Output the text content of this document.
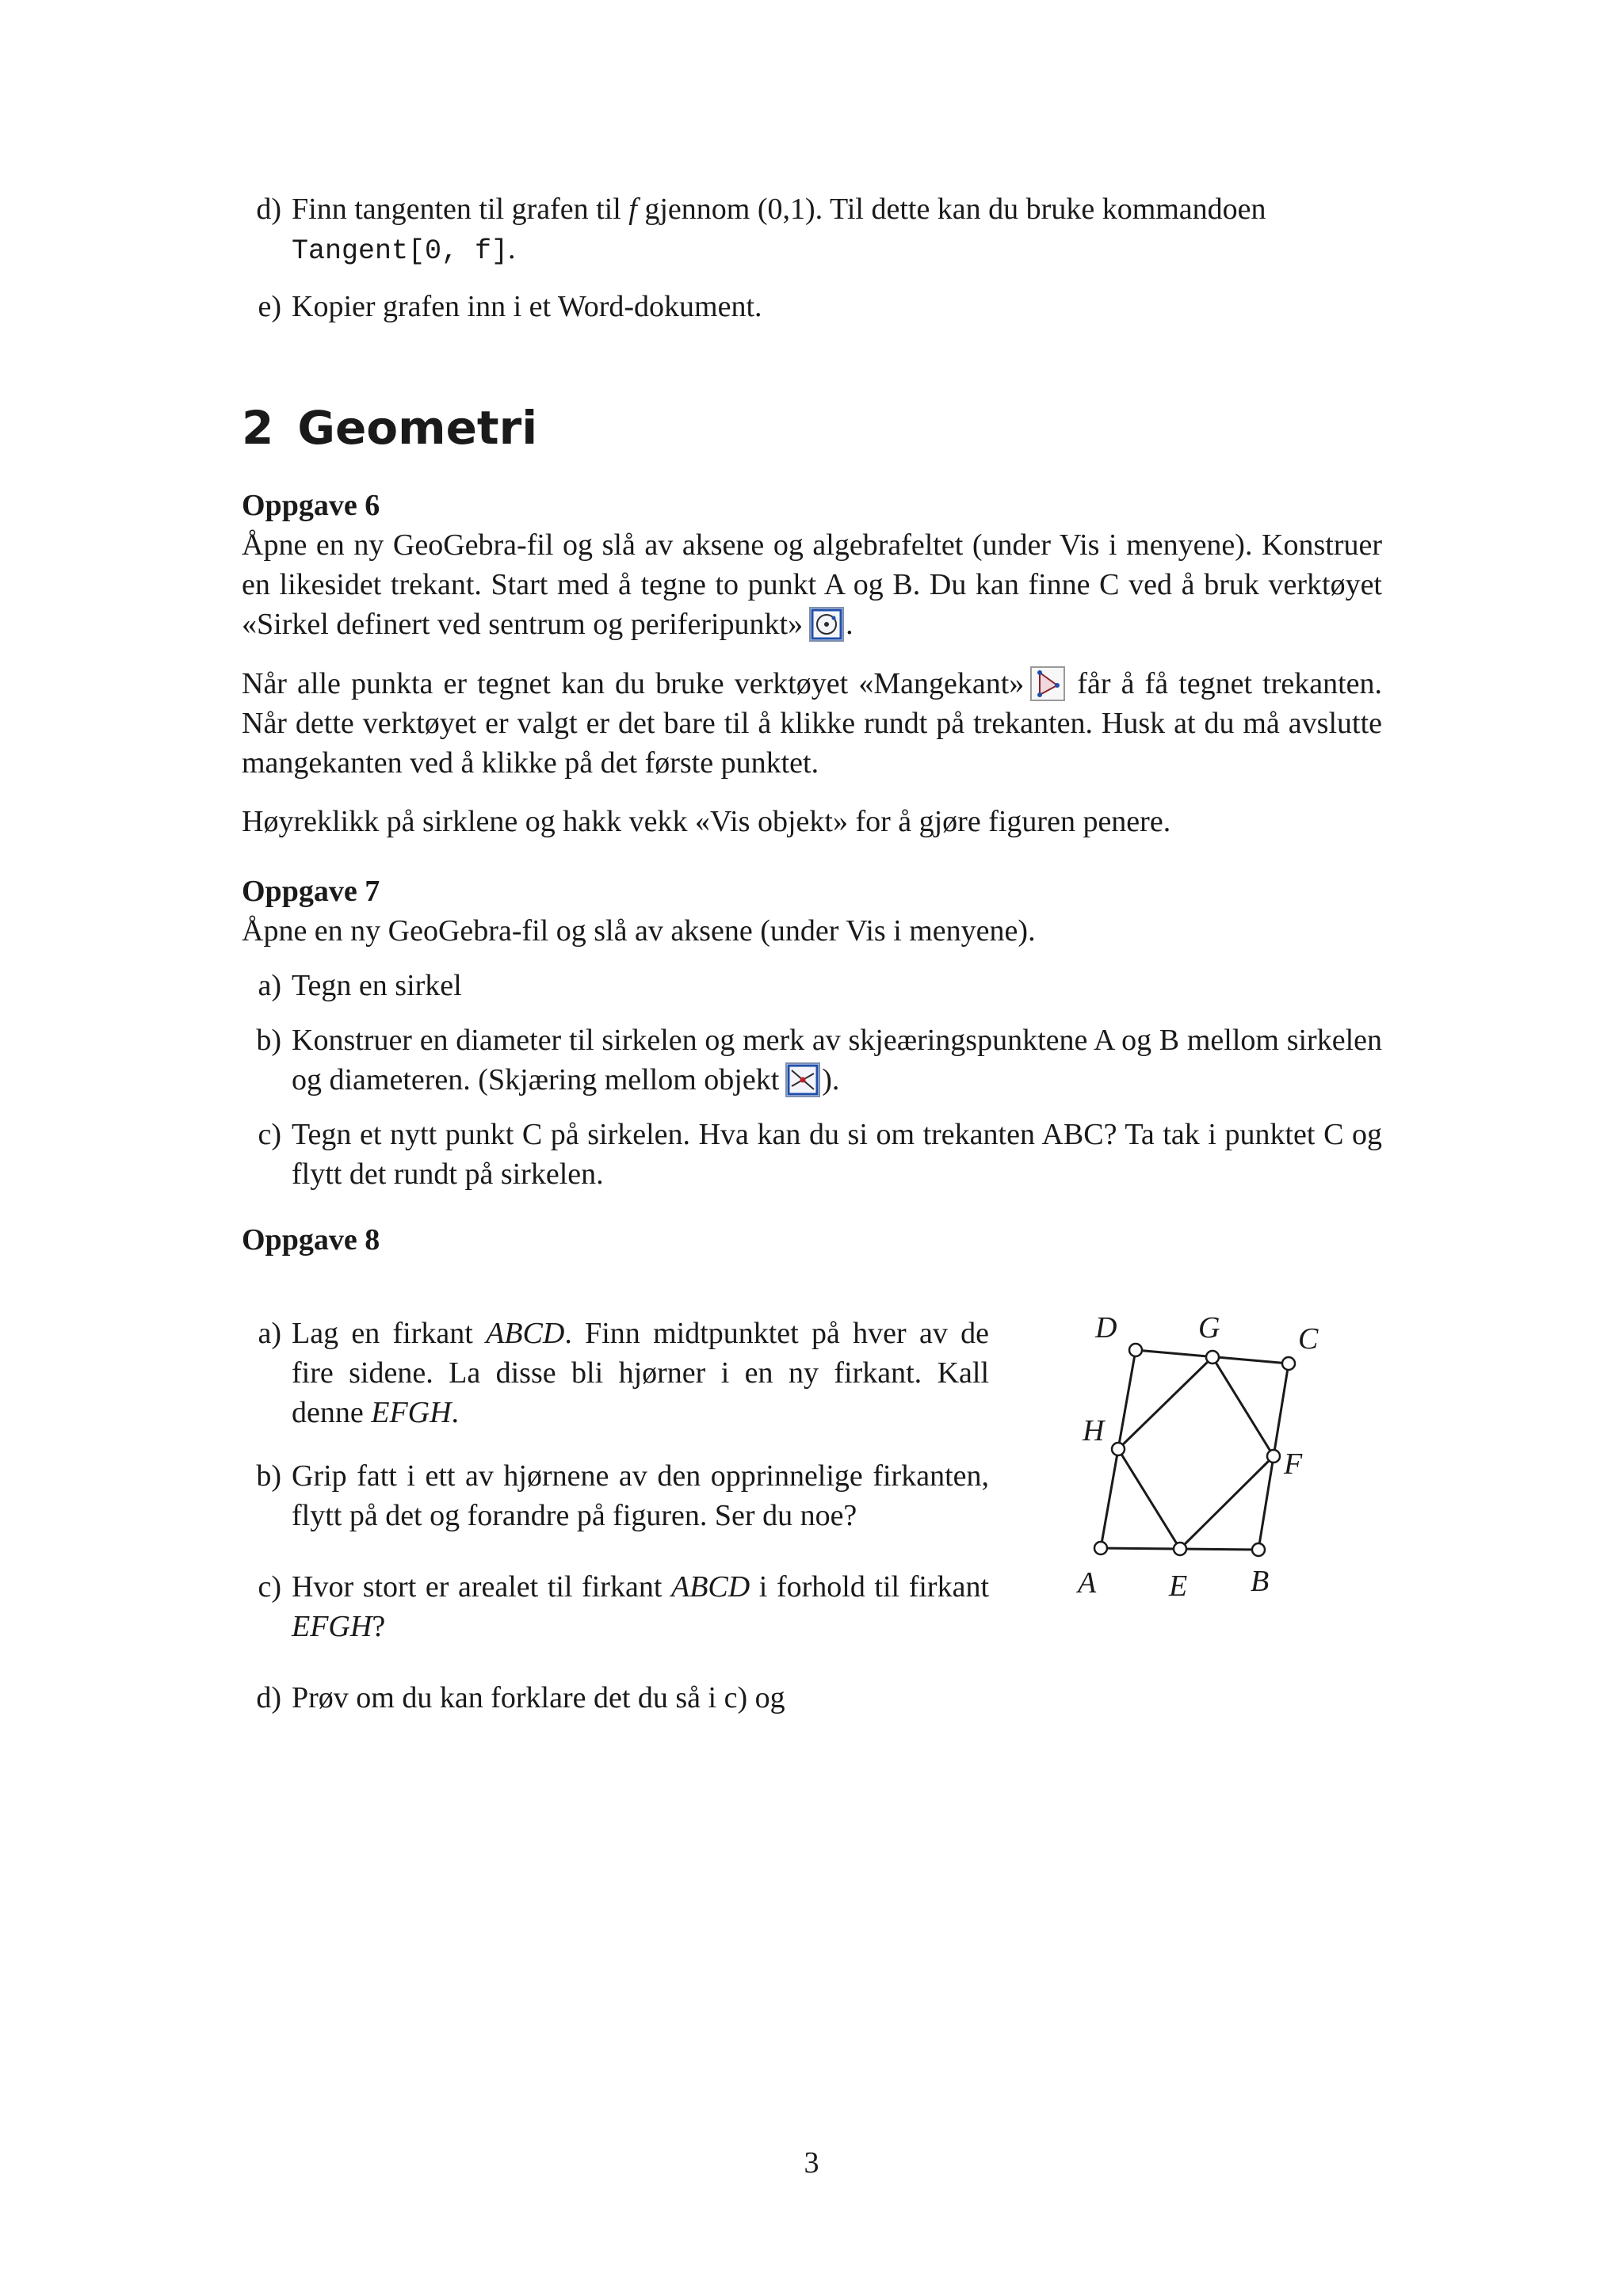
d) Finn tangenten til grafen til f gjennom (0,1). Til dette kan du bruke kommandoen
Tangent[0, f].
e) Kopier grafen inn i et Word-dokument.
2 Geometri
Oppgave 6
Åpne en ny GeoGebra-fil og slå av aksene og algebrafeltet (under Vis i menyene). Konstruer en likesidet trekant. Start med å tegne to punkt A og B. Du kan finne C ved å bruk verktøyet «Sirkel definert ved sentrum og periferipunkt» .
Når alle punkta er tegnet kan du bruke verktøyet «Mangekant»
får å få tegnet trekanten. Når dette verktøyet er valgt er det bare til å klikke rundt på trekanten. Husk at du må avslutte mangekanten ved å klikke på det første punktet.
Høyreklikk på sirklene og hakk vekk «Vis objekt» for å gjøre figuren penere.
Oppgave 7
Åpne en ny GeoGebra-fil og slå av aksene (under Vis i menyene).
a) Tegn en sirkel
b) Konstruer en diameter til sirkelen og merk av skjeæringspunktene A og B mellom sirkelen og diameteren. (Skjæring mellom objekt ).
c) Tegn et nytt punkt C på sirkelen. Hva kan du si om trekanten ABC? Ta tak i punktet C og flytt det rundt på sirkelen.
Oppgave 8
a) Lag en firkant ABCD. Finn midtpunktet på hver av de fire sidene. La disse bli hjørner i en ny firkant. Kall denne EFGH.
b) Grip fatt i ett av hjørnene av den opprinnelige firkanten, flytt på det og forandre på figuren. Ser du noe?
c) Hvor stort er arealet til firkant ABCD i forhold til firkant EFGH?
d) Prøv om du kan forklare det du så i c) og
A	B
C
D
E
F
G
H
3
